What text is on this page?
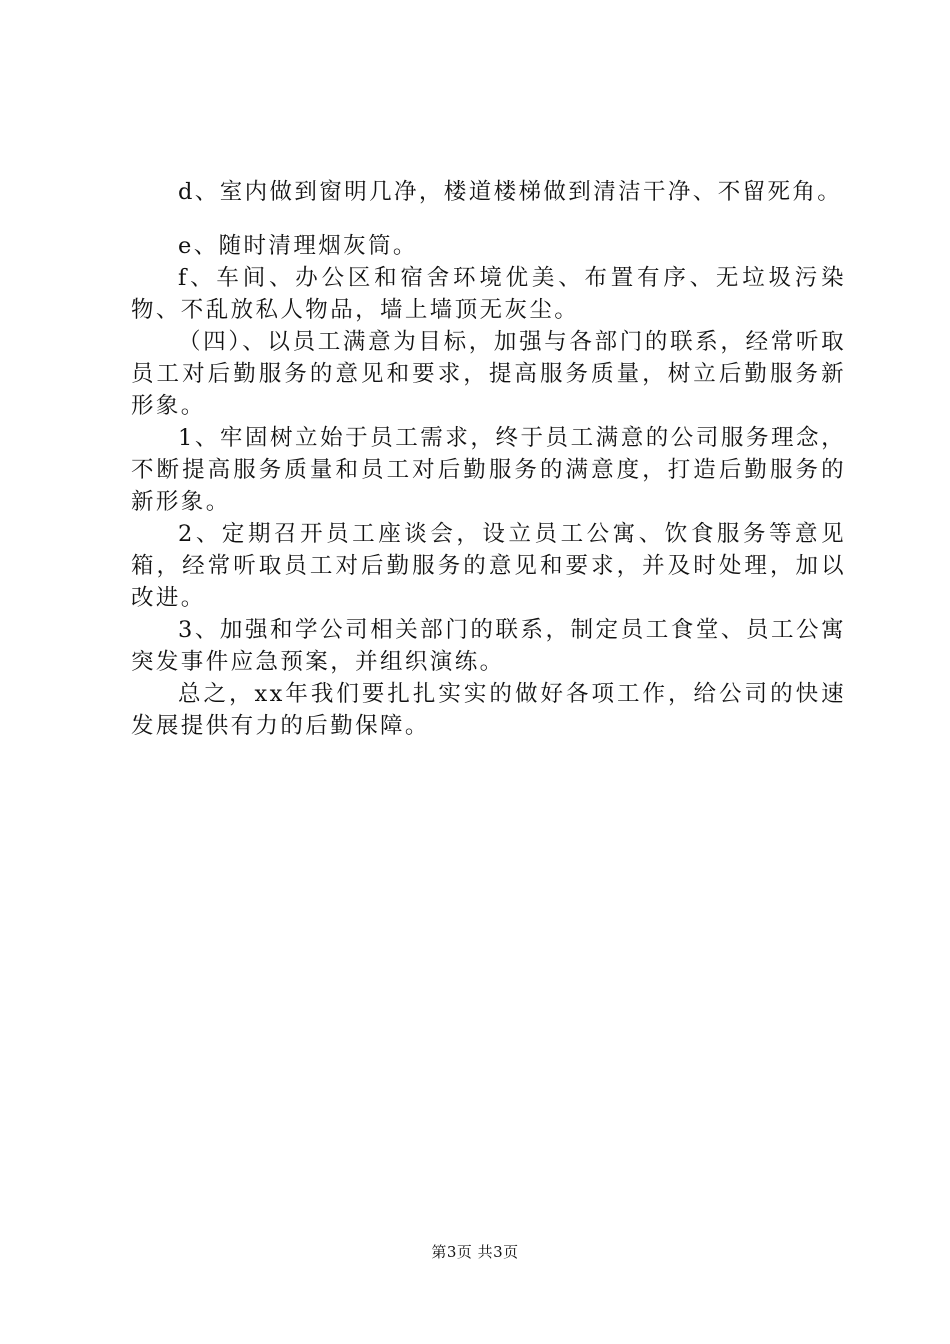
d、室内做到窗明几净，楼道楼梯做到清洁干净、不留死角。

e、随时清理烟灰筒。

f、车间、办公区和宿舍环境优美、布置有序、无垃圾污染物、不乱放私人物品，墙上墙顶无灰尘。

（四）、以员工满意为目标，加强与各部门的联系，经常听取员工对后勤服务的意见和要求，提高服务质量，树立后勤服务新形象。

1、牢固树立始于员工需求，终于员工满意的公司服务理念，不断提高服务质量和员工对后勤服务的满意度，打造后勤服务的新形象。

2、定期召开员工座谈会，设立员工公寓、饮食服务等意见箱，经常听取员工对后勤服务的意见和要求，并及时处理，加以改进。

3、加强和学公司相关部门的联系，制定员工食堂、员工公寓突发事件应急预案，并组织演练。

总之，xx年我们要扎扎实实的做好各项工作，给公司的快速发展提供有力的后勤保障。

第3页 共3页
